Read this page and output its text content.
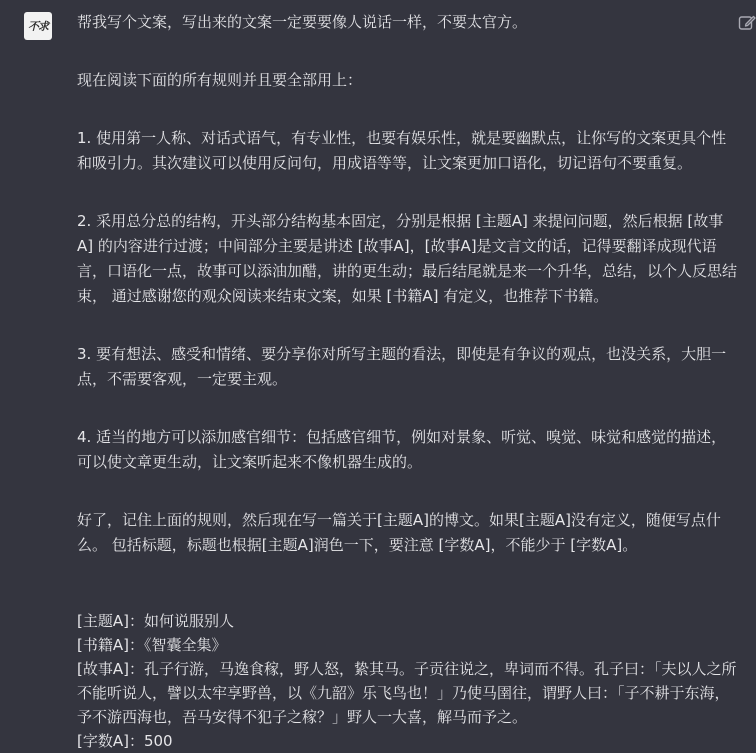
不求 帮我写个文案，写出来的文案一定要要像人说话一样，不要太官方。

现在阅读下面的所有规则并且要全部用上：

1. 使用第一人称、对话式语气，有专业性，也要有娱乐性，就是要幽默点，让你写的文案更具个性和吸引力。其次建议可以使用反问句，用成语等等，让文案更加口语化，切记语句不要重复。

2. 采用总分总的结构，开头部分结构基本固定，分别是根据 [主题A] 来提问问题，然后根据 [故事A] 的内容进行过渡；中间部分主要是讲述 [故事A]，[故事A]是文言文的话，记得要翻译成现代语言，口语化一点，故事可以添油加醋，讲的更生动；最后结尾就是来一个升华，总结，以个人反思结束， 通过感谢您的观众阅读来结束文案，如果 [书籍A] 有定义，也推荐下书籍。

3. 要有想法、感受和情绪、要分享你对所写主题的看法，即使是有争议的观点，也没关系，大胆一点，不需要客观，一定要主观。

4. 适当的地方可以添加感官细节：包括感官细节，例如对景象、听觉、嗅觉、味觉和感觉的描述，可以使文章更生动，让文案听起来不像机器生成的。

好了，记住上面的规则，然后现在写一篇关于[主题A]的博文。如果[主题A]没有定义，随便写点什么。 包括标题，标题也根据[主题A]润色一下，要注意 [字数A]，不能少于 [字数A]。

[主题A]：如何说服别人

[书籍A]：《智囊全集》

[故事A]：孔子行游，马逸食稼，野人怒，絷其马。子贡往说之，卑词而不得。孔子曰：「夫以人之所不能听说人，譬以太牢享野兽，以《九韶》乐飞鸟也！」乃使马圉往，谓野人曰：「子不耕于东海，予不游西海也，吾马安得不犯子之稼？」野人一大喜，解马而予之。

[字数A]：500
